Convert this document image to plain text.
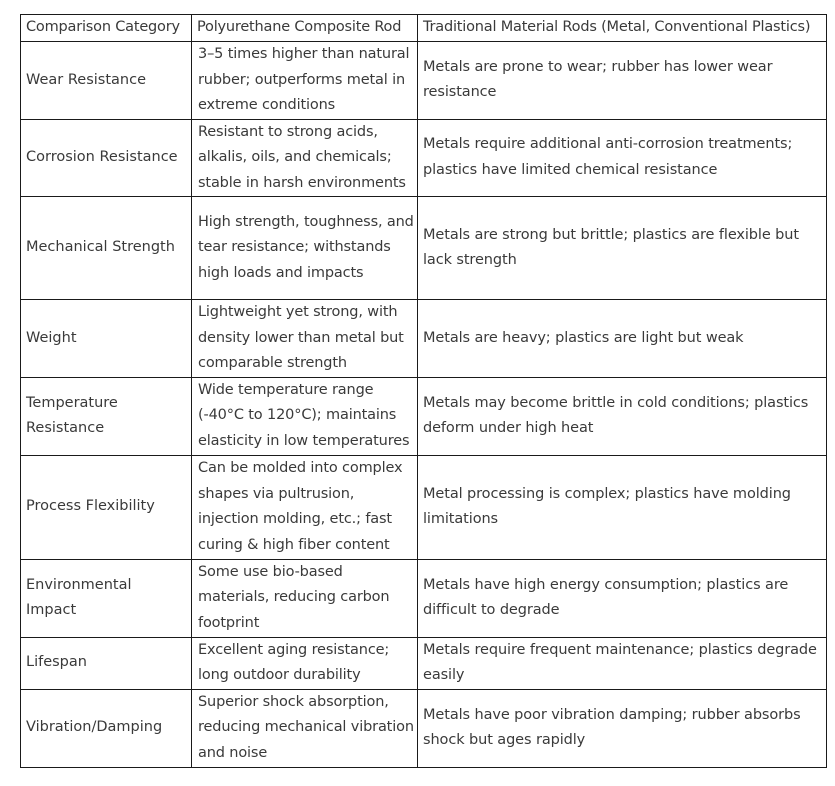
Comparison Category	Polyurethane Composite Rod	Traditional Material Rods (Metal, Conventional Plastics)
Wear Resistance	3–5 times higher than natural rubber; outperforms metal in extreme conditions	Metals are prone to wear; rubber has lower wear resistance
Corrosion Resistance	Resistant to strong acids, alkalis, oils, and chemicals; stable in harsh environments	Metals require additional anti-corrosion treatments; plastics have limited chemical resistance
Mechanical Strength	High strength, toughness, and tear resistance; withstands high loads and impacts	Metals are strong but brittle; plastics are flexible but lack strength
Weight	Lightweight yet strong, with density lower than metal but comparable strength	Metals are heavy; plastics are light but weak
Temperature Resistance	Wide temperature range (-40°C to 120°C); maintains elasticity in low temperatures	Metals may become brittle in cold conditions; plastics deform under high heat
Process Flexibility	Can be molded into complex shapes via pultrusion, injection molding, etc.; fast curing & high fiber content	Metal processing is complex; plastics have molding limitations
Environmental Impact	Some use bio-based materials, reducing carbon footprint	Metals have high energy consumption; plastics are difficult to degrade
Lifespan	Excellent aging resistance; long outdoor durability	Metals require frequent maintenance; plastics degrade easily
Vibration/Damping	Superior shock absorption, reducing mechanical vibration and noise	Metals have poor vibration damping; rubber absorbs shock but ages rapidly
